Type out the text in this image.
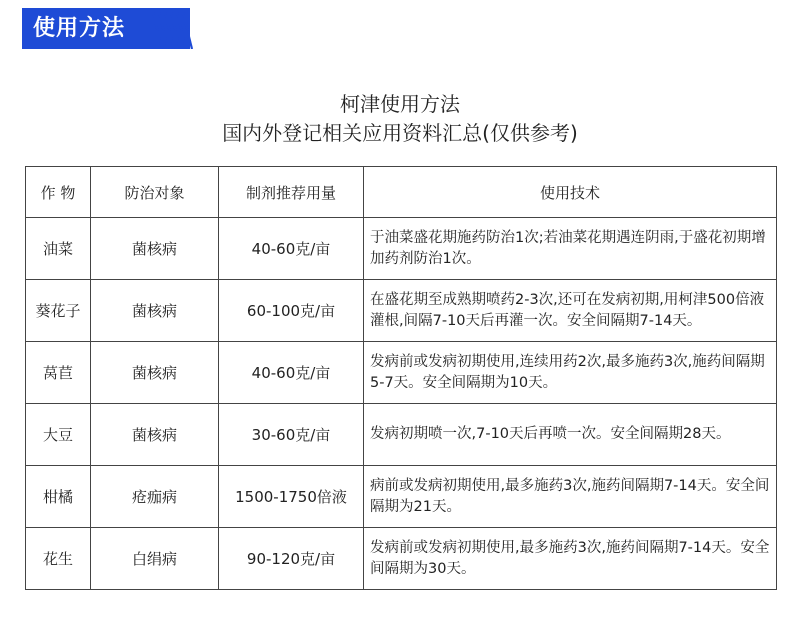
使用方法
柯津使用方法
国内外登记相关应用资料汇总(仅供参考)
作 物	防治对象	制剂推荐用量	使用技术
油菜	菌核病	40-60克/亩	于油菜盛花期施药防治1次;若油菜花期遇连阴雨,于盛花初期增加药剂防治1次。
葵花子	菌核病	60-100克/亩	在盛花期至成熟期喷药2-3次,还可在发病初期,用柯津500倍液灌根,间隔7-10天后再灌一次。安全间隔期7-14天。
莴苣	菌核病	40-60克/亩	发病前或发病初期使用,连续用药2次,最多施药3次,施药间隔期5-7天。安全间隔期为10天。
大豆	菌核病	30-60克/亩	发病初期喷一次,7-10天后再喷一次。安全间隔期28天。
柑橘	疮痂病	1500-1750倍液	病前或发病初期使用,最多施药3次,施药间隔期7-14天。安全间隔期为21天。
花生	白绢病	90-120克/亩	发病前或发病初期使用,最多施药3次,施药间隔期7-14天。安全间隔期为30天。
